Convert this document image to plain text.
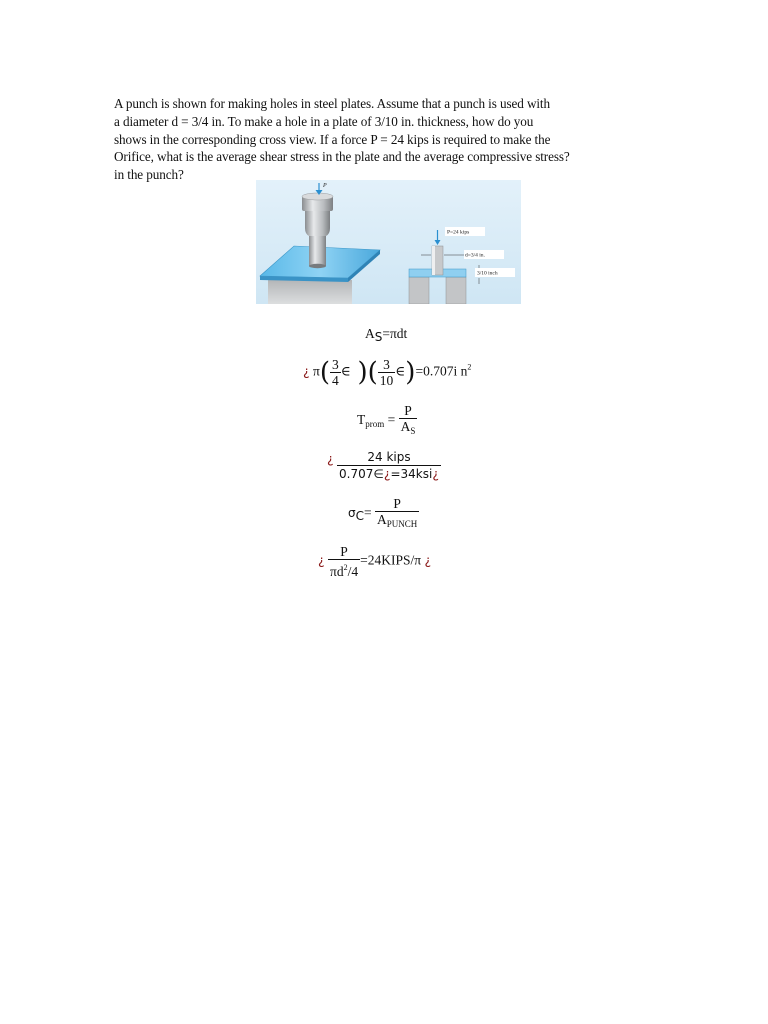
A punch is shown for making holes in steel plates. Assume that a punch is used with

a diameter d = 3/4 in. To make a hole in a plate of 3/10 in. thickness, how do you

shows in the corresponding cross view. If a force P = 24 kips is required to make the

Orifice, what is the average shear stress in the plate and the average compressive stress?

in the punch?

P
P=24 kips
d=3/4 in.
3/10 inch
AS=πdt
¿ $\pi( \frac{3}{4}$ ∈ )( $\frac{3}{10}$ ∈)=0.707i $n^2$
$T_{prom} = \frac{P}{A_S}$
¿ $\frac{\text{24 kips}}{\text{0.707∈¿=34ksi¿}}$
$\sigma C= \frac{P}{A_{PUNCH}}$
¿ $\frac{P}{\pi d^2/4}$ =24KIPS/π ¿
